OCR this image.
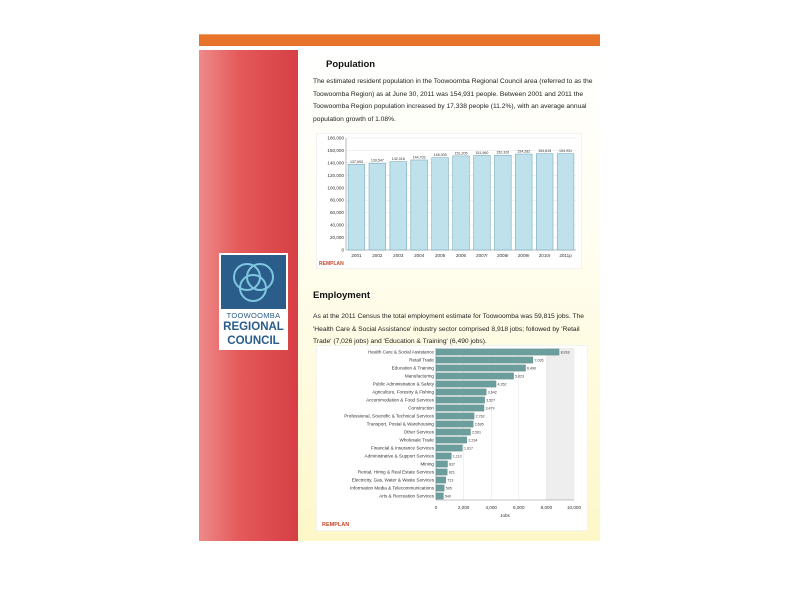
TOOWOOMBA
REGIONAL
COUNCIL
Population

The estimated resident population in the Toowoomba Regional Council area (referred to as the Toowoomba Region) as at June 30, 2011 was 154,931 people. Between 2001 and 2011 the Toowoomba Region population increased by 17,338 people (11.2%), with an average annual population growth of 1.08%.

0
20,000
40,000
60,000
80,000
100,000
120,000
140,000
150,000
180,000
137,593
2001
139,547
2002
142,018
2003
144,702
2004
148,305
2005
151,205
2006
151,960
2007r
152,326
2008r
154,282
2009r
154,815
2010r
154,931
2011p
REMPLAN
Employment

As at the 2011 Census the total employment estimate for Toowoomba was 59,815 jobs. The 'Health Care & Social Assistance' industry sector comprised 8,918 jobs; followed by 'Retail Trade' (7,026 jobs) and 'Education & Training' (6,490 jobs).

0	2,000	4,000	6,000	8,000	10,000
Jobs
8,918
Health Care & Social Assistance
7,026
Retail Trade
6,490
Education & Training
5,623
Manufacturing
4,352
Public Administration & Safety
3,642
Agriculture, Forestry & Fishing
3,527
Accommodation & Food Services
3,479
Construction
2,762
Professional, Scientific & Technical Services
2,695
Transport, Postal & Warehousing
2,501
Other Services
2,234
Wholesale Trade
1,917
Financial & Insurance Services
1,113
Administrative & Support Services
837
Mining
821
Rental, Hiring & Real Estate Services
713
Electricity, Gas, Water & Waste Services
595
Information Media & Telecommunications
540
Arts & Recreation Services
REMPLAN
